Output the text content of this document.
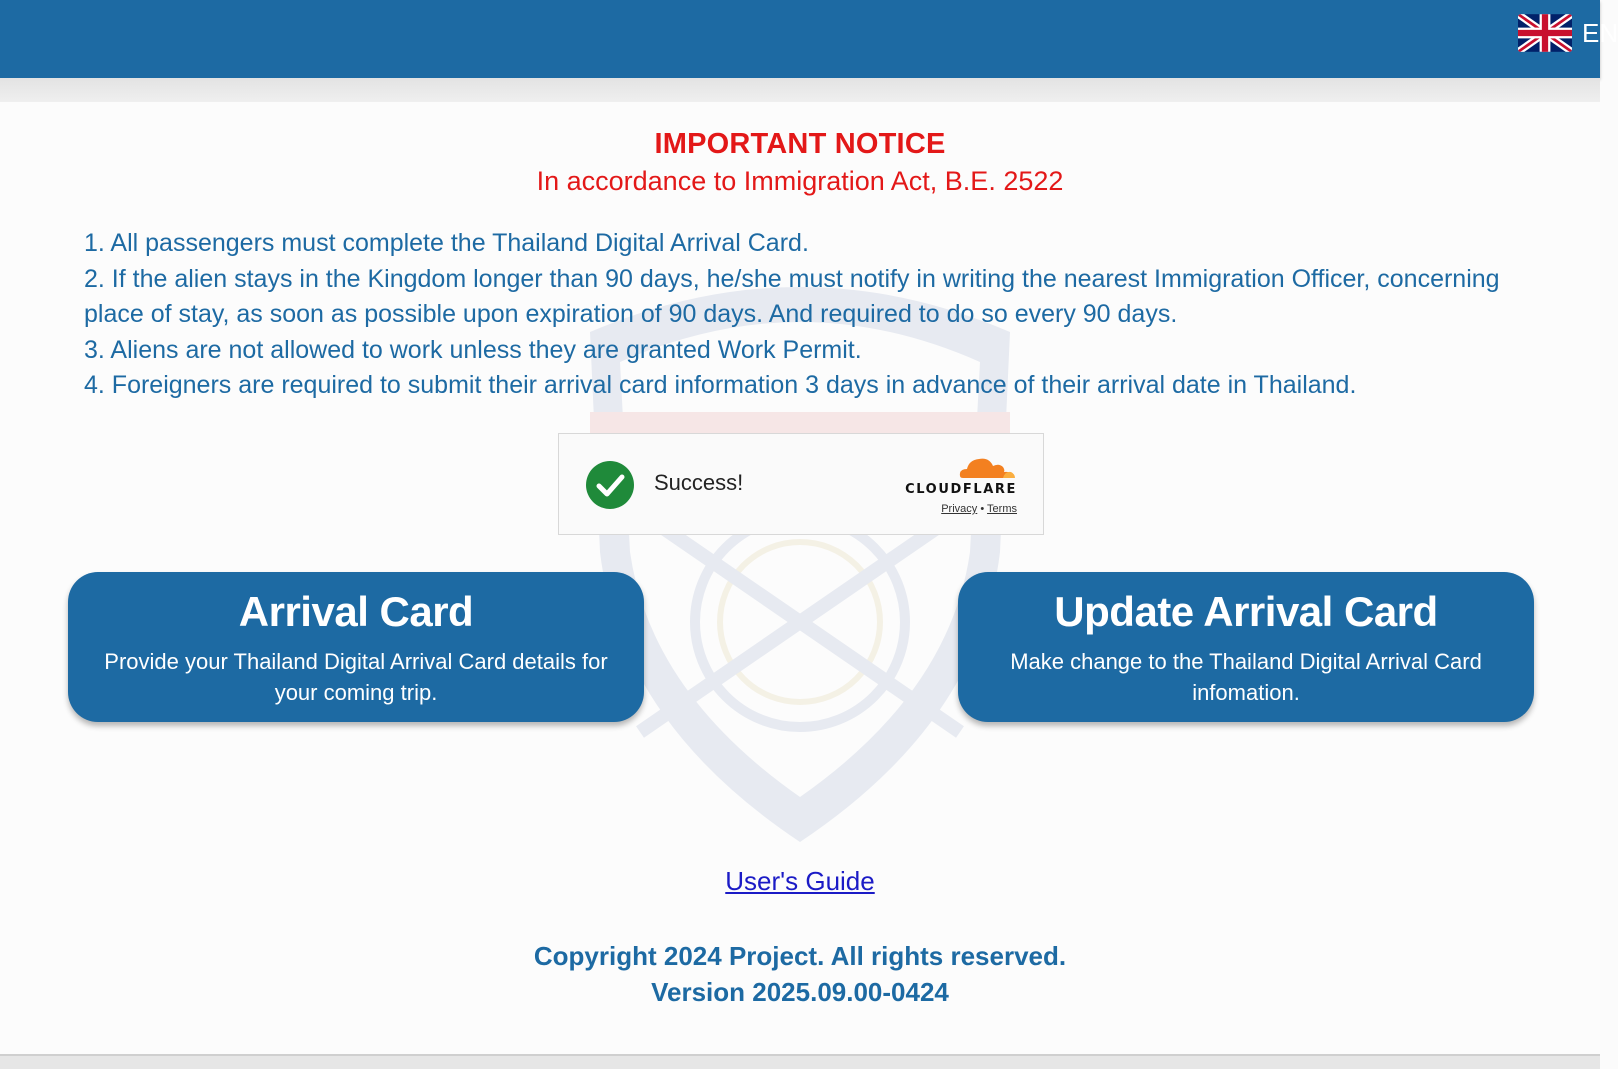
EN
IMPORTANT NOTICE
In accordance to Immigration Act, B.E. 2522
1. All passengers must complete the Thailand Digital Arrival Card.
2. If the alien stays in the Kingdom longer than 90 days, he/she must notify in writing the nearest Immigration Officer, concerning place of stay, as soon as possible upon expiration of 90 days. And required to do so every 90 days.
3. Aliens are not allowed to work unless they are granted Work Permit.
4. Foreigners are required to submit their arrival card information 3 days in advance of their arrival date in Thailand.
Success!	CLOUDFLARE
Privacy • Terms
Arrival Card
Provide your Thailand Digital Arrival Card details for your coming trip.
Update Arrival Card
Make change to the Thailand Digital Arrival Card infomation.
User's Guide
Copyright 2024 Project. All rights reserved.
Version 2025.09.00-0424
